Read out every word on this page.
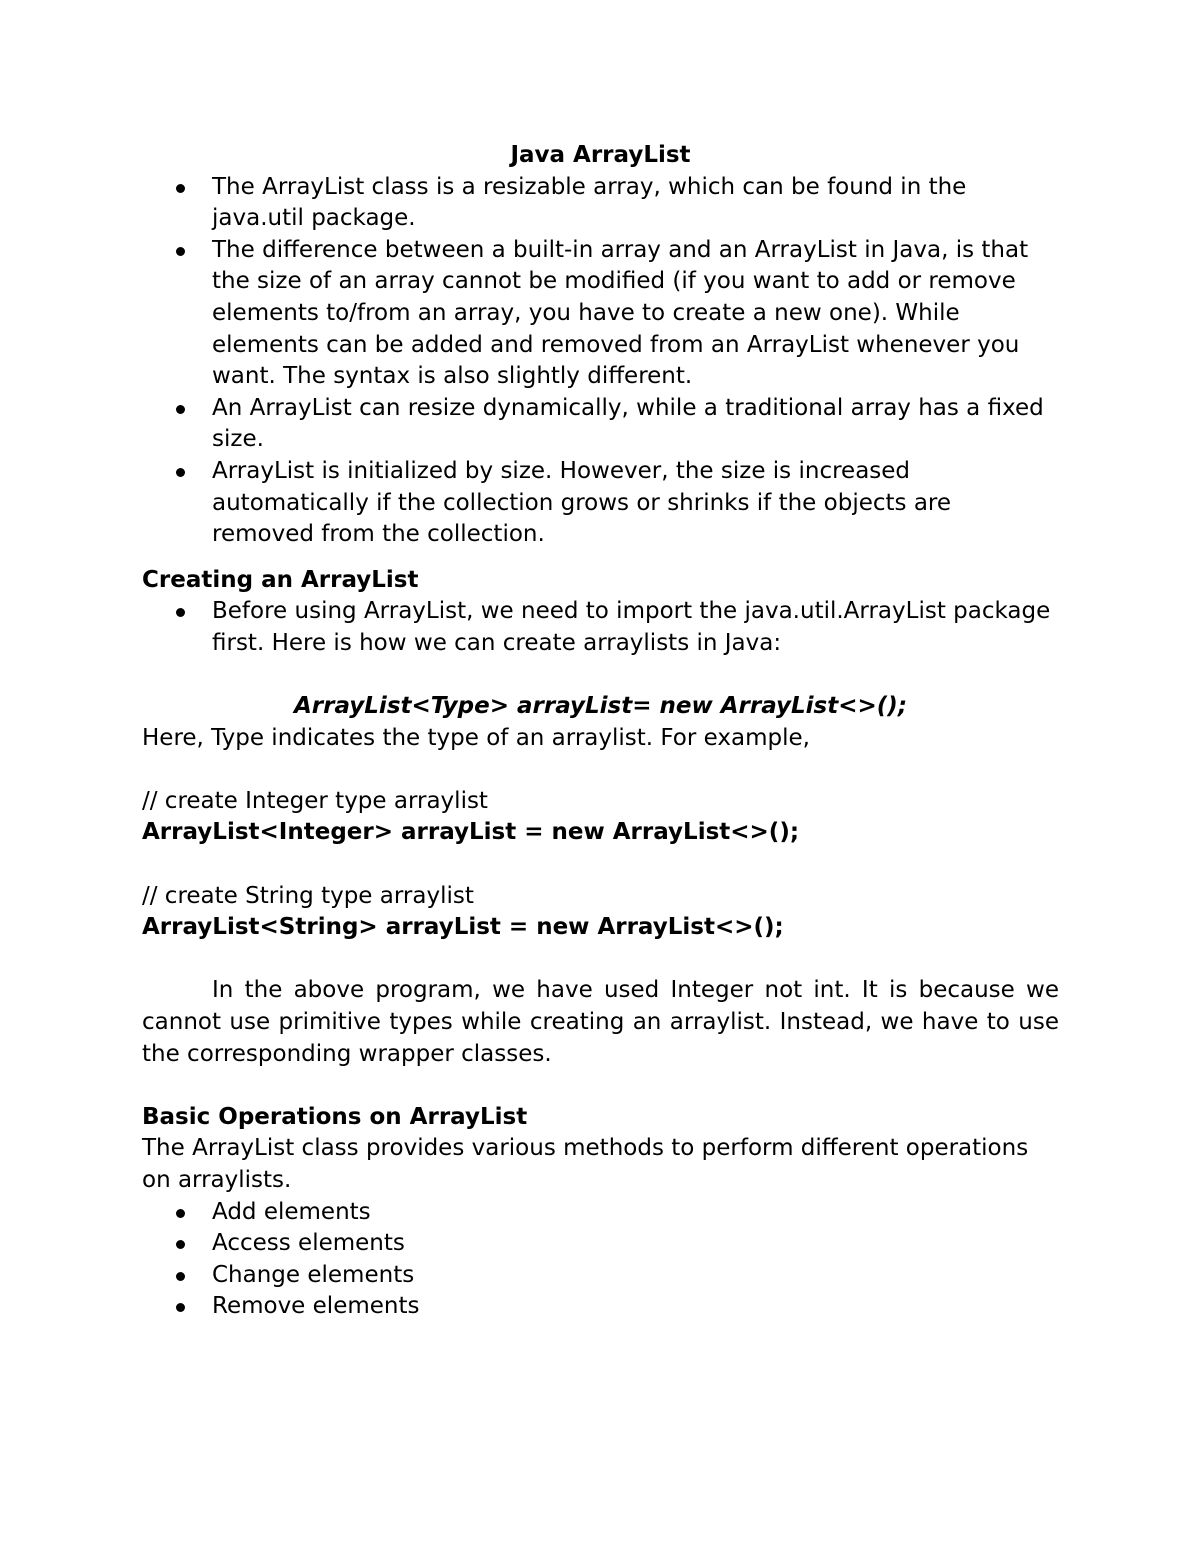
Java ArrayList

The ArrayList class is a resizable array, which can be found in the java.util package.
The difference between a built-in array and an ArrayList in Java, is that the size of an array cannot be modified (if you want to add or remove elements to/from an array, you have to create a new one). While elements can be added and removed from an ArrayList whenever you want. The syntax is also slightly different.
An ArrayList can resize dynamically, while a traditional array has a fixed size.
ArrayList is initialized by size. However, the size is increased automatically if the collection grows or shrinks if the objects are removed from the collection.

Creating an ArrayList

Before using ArrayList, we need to import the java.util.ArrayList package first. Here is how we can create arraylists in Java:

ArrayList<Type> arrayList= new ArrayList<>();

Here, Type indicates the type of an arraylist. For example,

// create Integer type arraylist

ArrayList<Integer> arrayList = new ArrayList<>();

// create String type arraylist

ArrayList<String> arrayList = new ArrayList<>();

In the above program, we have used Integer not int. It is because we cannot use primitive types while creating an arraylist. Instead, we have to use the corresponding wrapper classes.

Basic Operations on ArrayList

The ArrayList class provides various methods to perform different operations on arraylists.

Add elements
Access elements
Change elements
Remove elements
